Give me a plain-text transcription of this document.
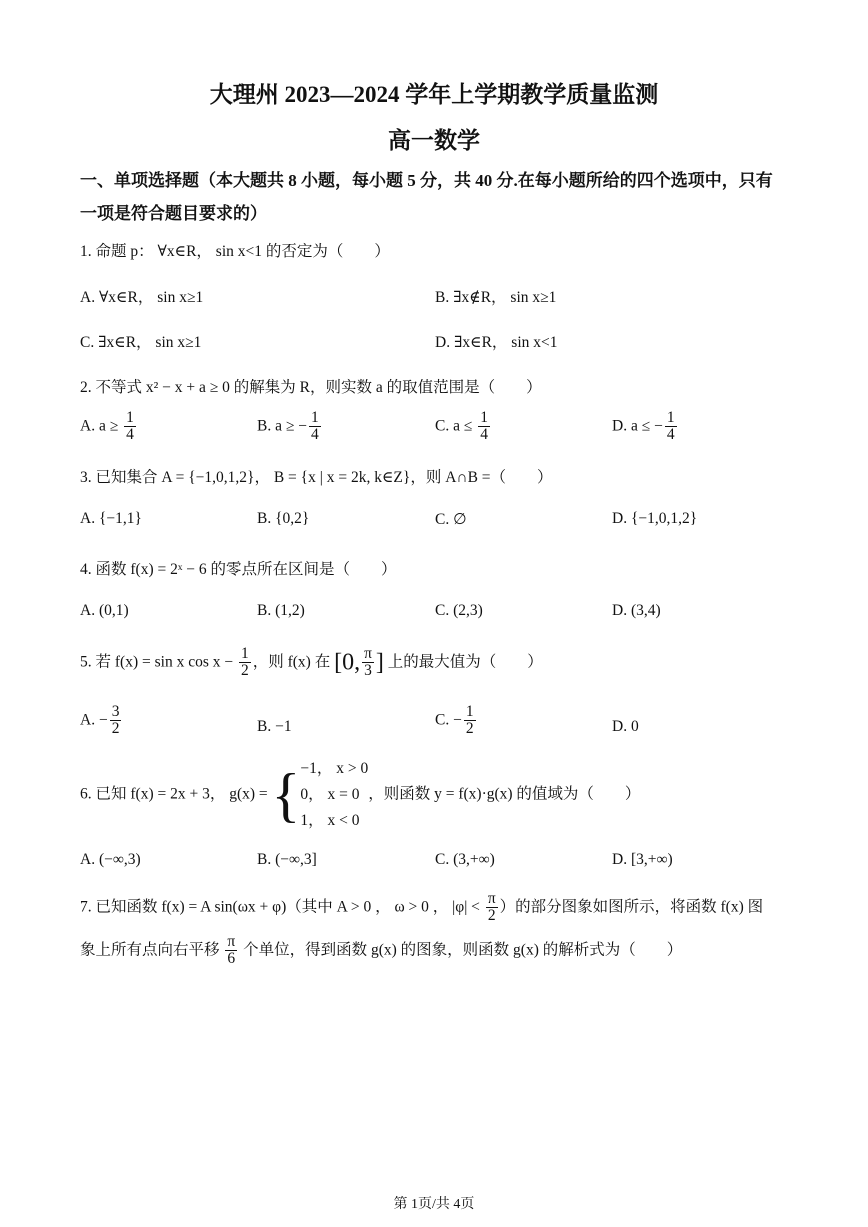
大理州 2023—2024 学年上学期教学质量监测
高一数学
一、单项选择题（本大题共 8 小题，每小题 5 分，共 40 分.在每小题所给的四个选项中，只有
一项是符合题目要求的）
1. 命题 p： ∀x∈R， sin x<1 的否定为（　　）
A. ∀x∈R， sin x≥1	B. ∃x∉R， sin x≥1
C. ∃x∈R， sin x≥1	D. ∃x∈R， sin x<1
2. 不等式 x² − x + a ≥ 0 的解集为 R，则实数 a 的取值范围是（　　）
A. $a \ge \frac{1}{4}$	B. a ≥ − $\frac{1}{4}$	C. $a \le \frac{1}{4}$	D. a ≤ − $\frac{1}{4}$
3. 已知集合 A = {−1,0,1,2}， B = {x | x = 2k, k∈Z}，则 A∩B =（　　）
A. {−1,1}	B. {0,2}	C. ∅	D. {−1,0,1,2}
4. 函数 f(x) = 2ˣ − 6 的零点所在区间是（　　）
A. (0,1)	B. (1,2)	C. (2,3)	D. (3,4)
5. 若 f(x) = sin x $\cos x - \frac{1}{2}$ ，则 f(x) 在 [0, $\frac{\pi}{3}$ ] 上的最大值为（　　）
A. − $\frac{3}{2}$	B. −1	C. − $\frac{1}{2}$	D. 0
6. 已知 f(x) = 2x + 3， g(x) = { −1， x > 0
0， x = 0
1， x < 0
，则函数 y = f(x)·g(x) 的值域为（　　）
A. (−∞,3)	B. (−∞,3]	C. (3,+∞)	D. [3,+∞)
7. 已知函数 f(x) = A sin(ωx + φ)（其中 A > 0 ， ω > 0 ， $|\varphi| < \frac{\pi}{2}$ ）的部分图象如图所示，将函数 f(x) 图
象上所有点向右平移 $\frac{\pi}{6}$ 个单位，得到函数 g(x) 的图象，则函数 g(x) 的解析式为（　　）
第 1页/共 4页
